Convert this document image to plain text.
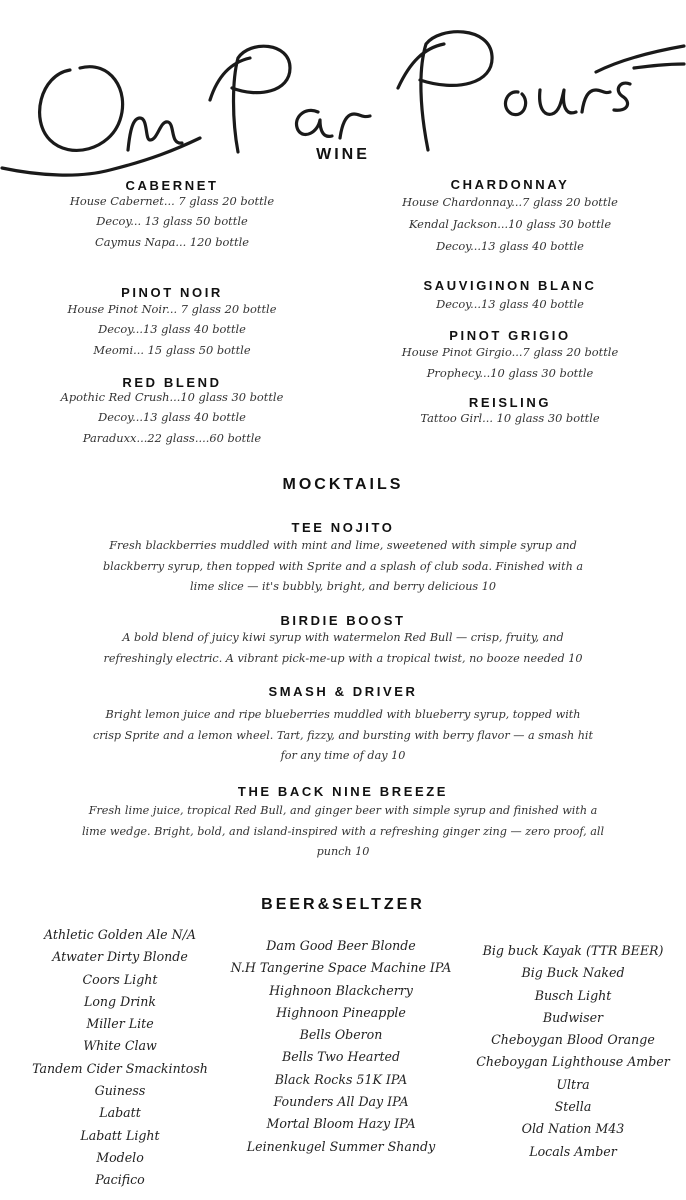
WINE
CABERNET
House Cabernet... 7 glass 20 bottle
Decoy... 13 glass 50 bottle
Caymus Napa... 120 bottle
PINOT NOIR
House Pinot Noir... 7 glass 20 bottle
Decoy...13 glass 40 bottle
Meomi... 15 glass 50 bottle
RED BLEND
Apothic Red Crush...10 glass 30 bottle
Decoy...13 glass 40 bottle
Paraduxx...22 glass....60 bottle
CHARDONNAY
House Chardonnay...7 glass 20 bottle
Kendal Jackson...10 glass 30 bottle
Decoy...13 glass 40 bottle
SAUVIGINON BLANC
Decoy...13 glass 40 bottle
PINOT GRIGIO
House Pinot Girgio...7 glass 20 bottle
Prophecy...10 glass 30 bottle
REISLING
Tattoo Girl... 10 glass 30 bottle
MOCKTAILS
TEE NOJITO
Fresh blackberries muddled with mint and lime, sweetened with simple syrup and blackberry syrup, then topped with Sprite and a splash of club soda. Finished with a lime slice — it's bubbly, bright, and berry delicious 10
BIRDIE BOOST
A bold blend of juicy kiwi syrup with watermelon Red Bull — crisp, fruity, and refreshingly electric. A vibrant pick-me-up with a tropical twist, no booze needed 10
SMASH & DRIVER
Bright lemon juice and ripe blueberries muddled with blueberry syrup, topped with crisp Sprite and a lemon wheel. Tart, fizzy, and bursting with berry flavor — a smash hit for any time of day 10
THE BACK NINE BREEZE
Fresh lime juice, tropical Red Bull, and ginger beer with simple syrup and finished with a lime wedge. Bright, bold, and island-inspired with a refreshing ginger zing — zero proof, all punch 10
BEER&SELTZER
Athletic Golden Ale N/A
Atwater Dirty Blonde
Coors Light
Long Drink
Miller Lite
White Claw
Tandem Cider Smackintosh
Guiness
Labatt
Labatt Light
Modelo
Pacifico
Dam Good Beer Blonde
N.H Tangerine Space Machine IPA
Highnoon Blackcherry
Highnoon Pineapple
Bells Oberon
Bells Two Hearted
Black Rocks 51K IPA
Founders All Day IPA
Mortal Bloom Hazy IPA
Leinenkugel Summer Shandy
Big buck Kayak (TTR BEER)
Big Buck Naked
Busch Light
Budwiser
Cheboygan Blood Orange
Cheboygan Lighthouse Amber
Ultra
Stella
Old Nation M43
Locals Amber
